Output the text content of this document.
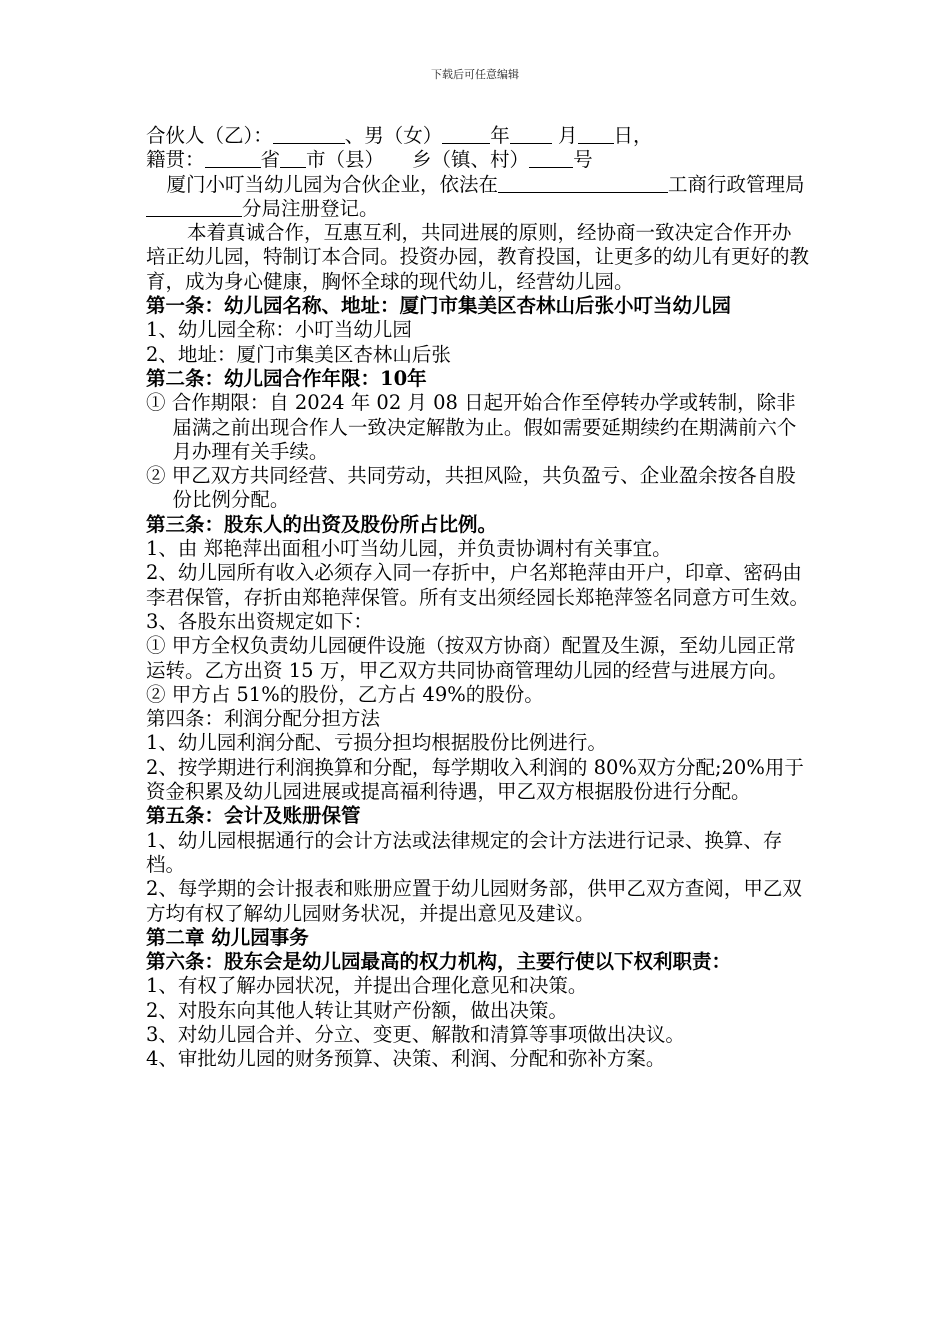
下载后可任意编辑
合伙人（乙）：	、男（女） 年 月 日，
籍贯：	省 市（县） 乡（镇、村） 号
厦门小叮当幼儿园为合伙企业，依法在	工商行政管理局分局注册登记。
本着真诚合作，互惠互利，共同进展的原则，经协商一致决定合作开办培正幼儿园，特制订本合同。投资办园，教育投国，让更多的幼儿有更好的教育，成为身心健康，胸怀全球的现代幼儿，经营幼儿园。
第一条：幼儿园名称、地址：厦门市集美区杏林山后张小叮当幼儿园
1、幼儿园全称：小叮当幼儿园
2、地址：厦门市集美区杏林山后张
第二条：幼儿园合作年限：10年
① 合作期限：自 2024 年 02 月 08 日起开始合作至停转办学或转制，除非届满之前出现合作人一致决定解散为止。假如需要延期续约在期满前六个月办理有关手续。
② 甲乙双方共同经营、共同劳动，共担风险，共负盈亏、企业盈余按各自股份比例分配。
第三条：股东人的出资及股份所占比例。
1、由 郑艳萍出面租小叮当幼儿园，并负责协调村有关事宜。
2、幼儿园所有收入必须存入同一存折中，户名郑艳萍由开户，印章、密码由李君保管，存折由郑艳萍保管。所有支出须经园长郑艳萍签名同意方可生效。
3、各股东出资规定如下：
① 甲方全权负责幼儿园硬件设施（按双方协商）配置及生源，至幼儿园正常运转。乙方出资 15 万，甲乙双方共同协商管理幼儿园的经营与进展方向。
② 甲方占 51%的股份，乙方占 49%的股份。
第四条：利润分配分担方法
1、幼儿园利润分配、亏损分担均根据股份比例进行。
2、按学期进行利润换算和分配，每学期收入利润的 80%双方分配;20%用于资金积累及幼儿园进展或提高福利待遇，甲乙双方根据股份进行分配。
第五条：会计及账册保管
1、幼儿园根据通行的会计方法或法律规定的会计方法进行记录、换算、存档。
2、每学期的会计报表和账册应置于幼儿园财务部，供甲乙双方查阅，甲乙双方均有权了解幼儿园财务状况，并提出意见及建议。
第二章 幼儿园事务
第六条：股东会是幼儿园最高的权力机构，主要行使以下权利职责：
1、有权了解办园状况，并提出合理化意见和决策。
2、对股东向其他人转让其财产份额，做出决策。
3、对幼儿园合并、分立、变更、解散和清算等事项做出决议。
4、审批幼儿园的财务预算、决策、利润、分配和弥补方案。
